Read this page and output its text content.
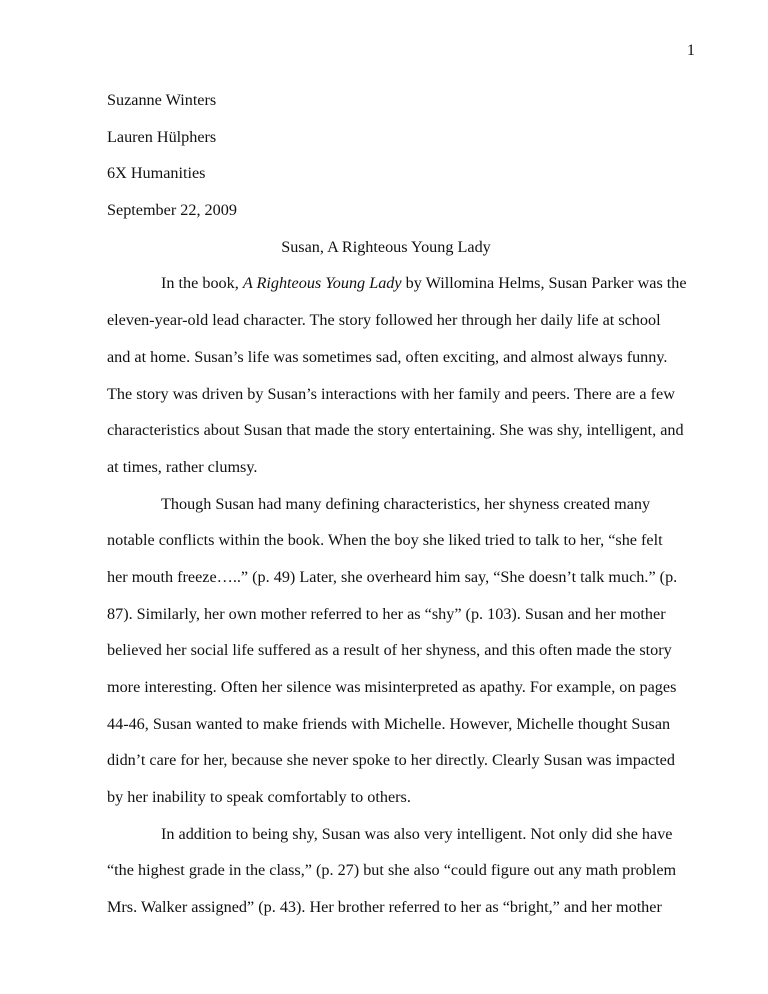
1
Suzanne Winters
Lauren Hülphers
6X Humanities
September 22, 2009
Susan, A Righteous Young Lady
In the book, A Righteous Young Lady by Willomina Helms, Susan Parker was the
eleven-year-old lead character. The story followed her through her daily life at school
and at home. Susan’s life was sometimes sad, often exciting, and almost always funny.
The story was driven by Susan’s interactions with her family and peers. There are a few
characteristics about Susan that made the story entertaining. She was shy, intelligent, and
at times, rather clumsy.
Though Susan had many defining characteristics, her shyness created many
notable conflicts within the book. When the boy she liked tried to talk to her, “she felt
her mouth freeze…..” (p. 49) Later, she overheard him say, “She doesn’t talk much.” (p.
87). Similarly, her own mother referred to her as “shy” (p. 103). Susan and her mother
believed her social life suffered as a result of her shyness, and this often made the story
more interesting. Often her silence was misinterpreted as apathy. For example, on pages
44-46, Susan wanted to make friends with Michelle. However, Michelle thought Susan
didn’t care for her, because she never spoke to her directly. Clearly Susan was impacted
by her inability to speak comfortably to others.
In addition to being shy, Susan was also very intelligent. Not only did she have
“the highest grade in the class,” (p. 27) but she also “could figure out any math problem
Mrs. Walker assigned” (p. 43). Her brother referred to her as “bright,” and her mother
